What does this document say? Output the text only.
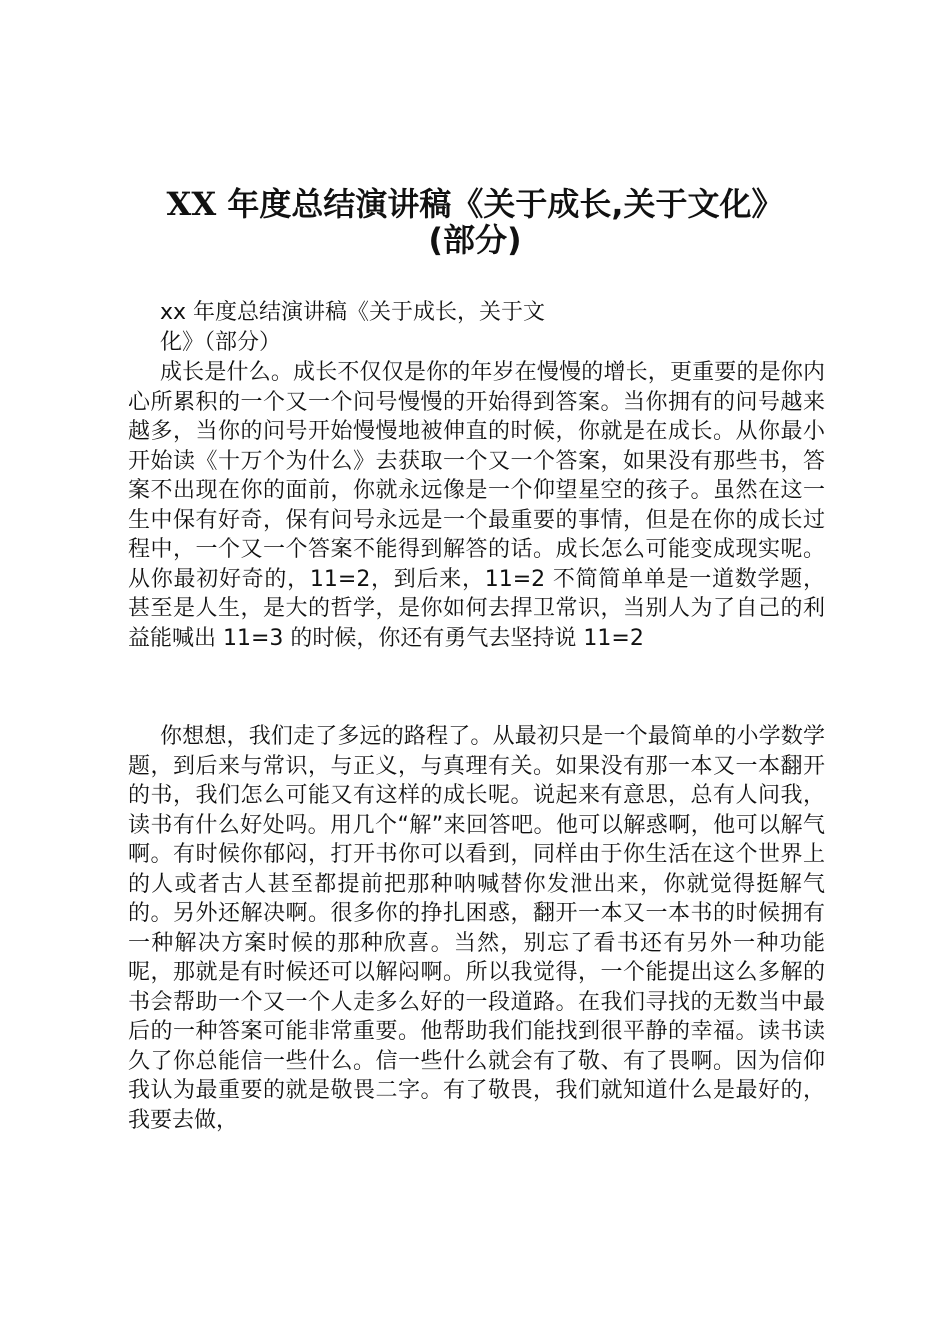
XX 年度总结演讲稿《关于成长,关于文化》
(部分)

xx 年度总结演讲稿《关于成长，关于文

化》（部分）

成长是什么。成长不仅仅是你的年岁在慢慢的增长，更重要的是你内心所累积的一个又一个问号慢慢的开始得到答案。当你拥有的问号越来越多，当你的问号开始慢慢地被伸直的时候，你就是在成长。从你最小开始读《十万个为什么》去获取一个又一个答案，如果没有那些书，答案不出现在你的面前，你就永远像是一个仰望星空的孩子。虽然在这一生中保有好奇，保有问号永远是一个最重要的事情，但是在你的成长过程中，一个又一个答案不能得到解答的话。成长怎么可能变成现实呢。从你最初好奇的，11=2，到后来，11=2 不简简单单是一道数学题，甚至是人生，是大的哲学，是你如何去捍卫常识，当别人为了自己的利益能喊出 11=3 的时候，你还有勇气去坚持说 11=2

你想想，我们走了多远的路程了。从最初只是一个最简单的小学数学题，到后来与常识，与正义，与真理有关。如果没有那一本又一本翻开的书，我们怎么可能又有这样的成长呢。说起来有意思，总有人问我，读书有什么好处吗。用几个“解”来回答吧。他可以解惑啊，他可以解气啊。有时候你郁闷，打开书你可以看到，同样由于你生活在这个世界上的人或者古人甚至都提前把那种呐喊替你发泄出来，你就觉得挺解气的。另外还解决啊。很多你的挣扎困惑，翻开一本又一本书的时候拥有一种解决方案时候的那种欣喜。当然，别忘了看书还有另外一种功能呢，那就是有时候还可以解闷啊。所以我觉得，一个能提出这么多解的书会帮助一个又一个人走多么好的一段道路。在我们寻找的无数当中最后的一种答案可能非常重要。他帮助我们能找到很平静的幸福。读书读久了你总能信一些什么。信一些什么就会有了敬、有了畏啊。因为信仰我认为最重要的就是敬畏二字。有了敬畏，我们就知道什么是最好的，我要去做，
